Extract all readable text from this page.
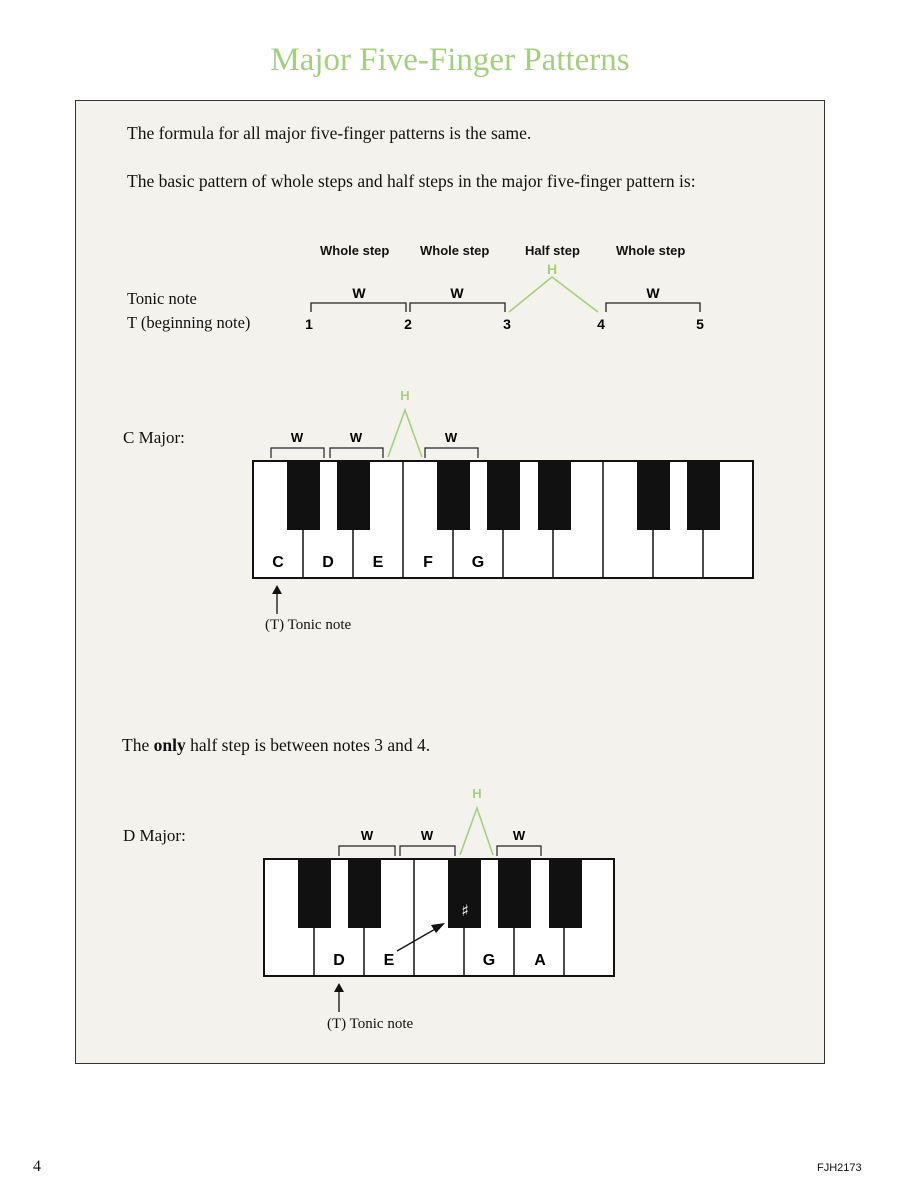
Major Five-Finger Patterns
The formula for all major five-finger patterns is the same.
The basic pattern of whole steps and half steps in the major five-finger pattern is:
Whole step Whole step	Half step	Whole step
Tonic note
T (beginning note)
W	W
H
W
1	2	3	4	5
C Major:	W	W
H
W
C D E F G
(T) Tonic note
The only half step is between notes 3 and 4.
D Major:	W	W
H
W
♯
D E	G A
(T) Tonic note
4	FJH2173
